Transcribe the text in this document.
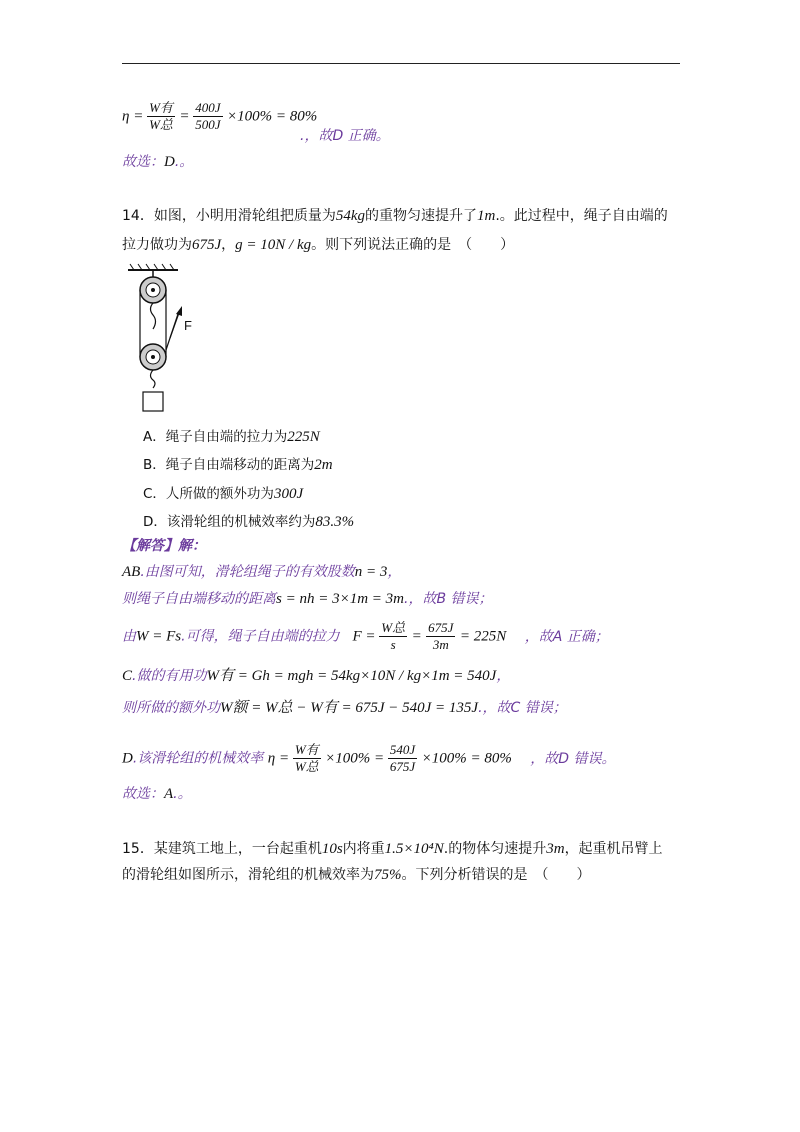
$\eta = \frac{\text{W有}}{\text{W总}} = \frac{400J}{500J} \times 100\% = 80\%$
.，故D 正确。
故选：D.。
14．如图，小明用滑轮组把质量为54kg的重物匀速提升了1m.。此过程中，绳子自由端的
拉力做功为675J，g = 10N / kg。则下列说法正确的是　（　　）
F
A．绳子自由端的拉力为225N
B．绳子自由端移动的距离为2m
C．人所做的额外功为300J
D．该滑轮组的机械效率约为83.3%
【解答】解：
AB.由图可知，滑轮组绳子的有效股数n = 3，
则绳子自由端移动的距离s = nh = 3×1m = 3m.，故B 错误；
由W = Fs.可得，绳子自由端的拉力 $F = \frac{\text{W总}}{s} = \frac{675J}{3m} = 225N$ ，故A 正确；
C.做的有用功W有 = Gh = mgh = 54kg×10N / kg×1m = 540J，
则所做的额外功W额 = W总 − W有 = 675J − 540J = 135J.，故C 错误；
D.该滑轮组的机械效率 $\eta = \frac{\text{W有}}{\text{W总}} \times 100\% = \frac{540J}{675J} \times 100\% = 80\%$ ，故D 错误。
故选：A.。
15．某建筑工地上，一台起重机10s内将重1.5×10⁴N.的物体匀速提升3m，起重机吊臂上
的滑轮组如图所示，滑轮组的机械效率为75%。下列分析错误的是　（　　）
